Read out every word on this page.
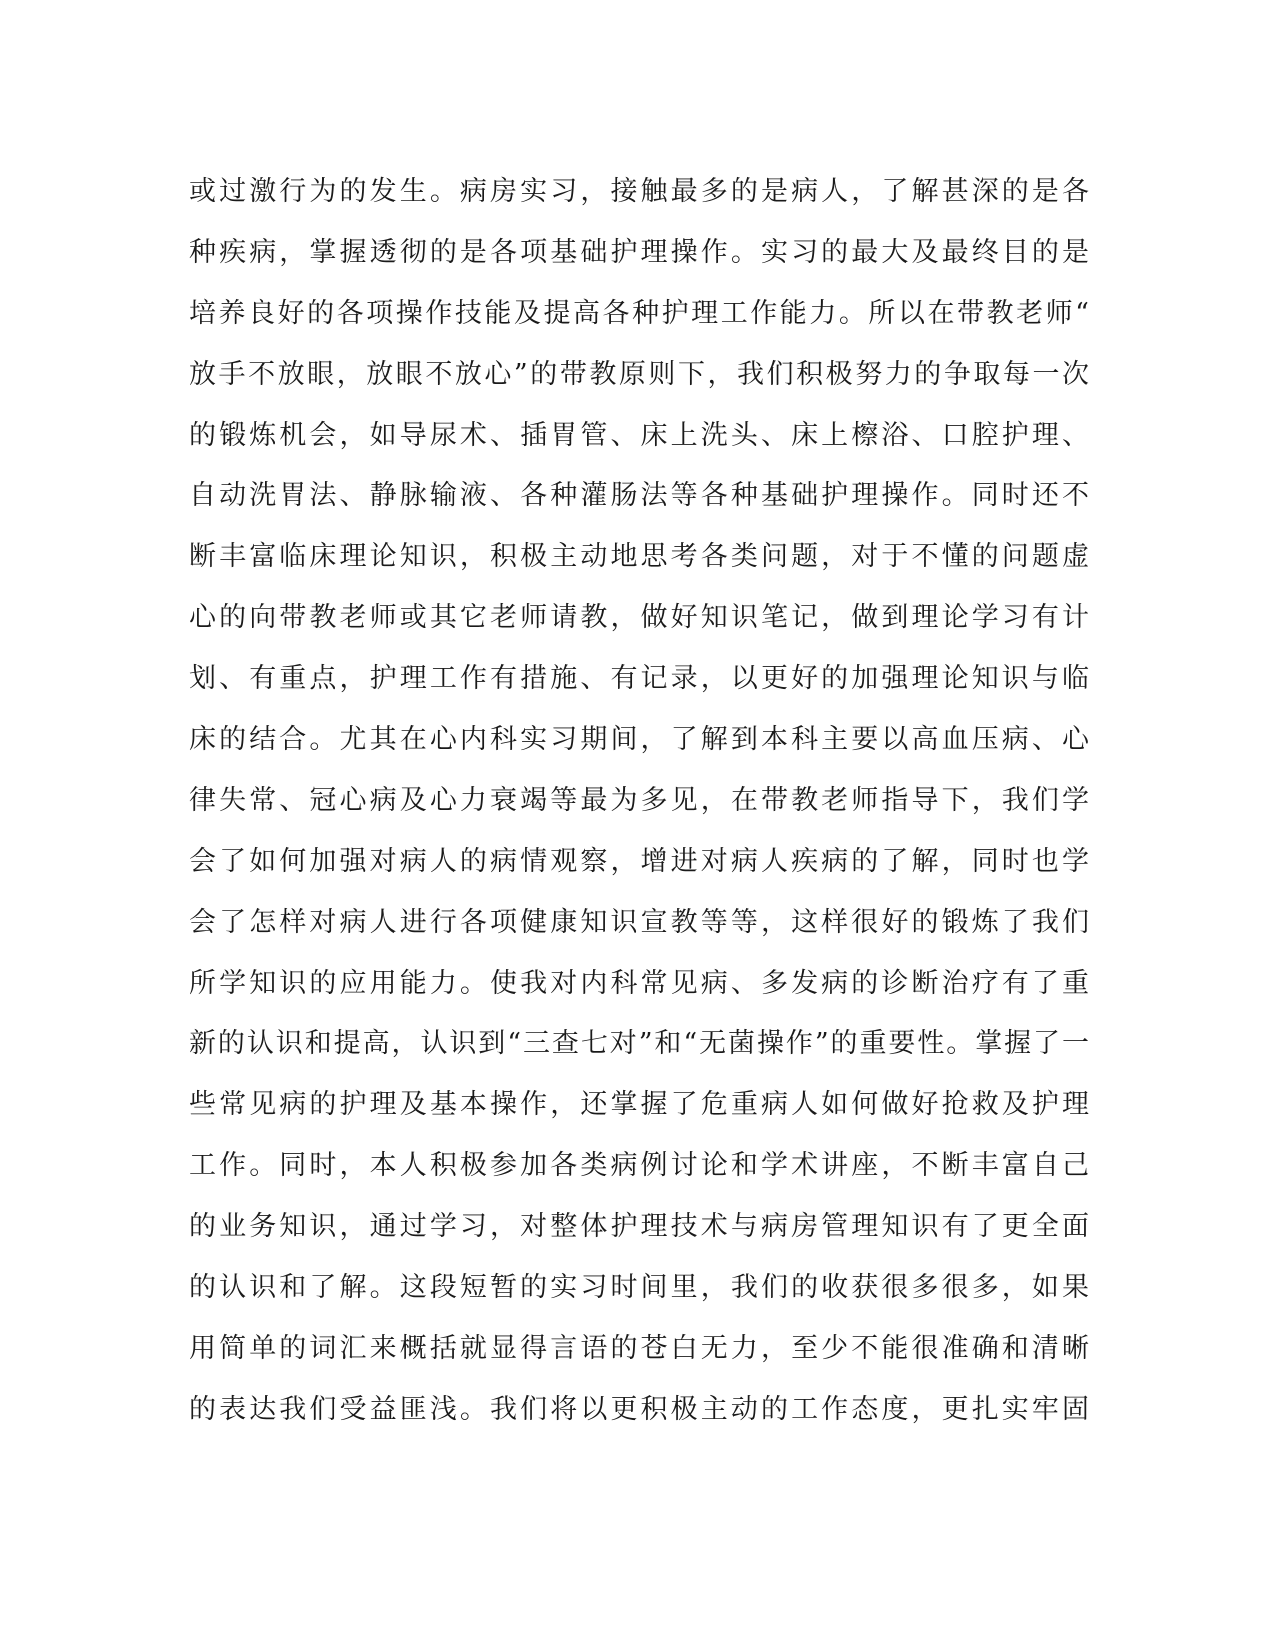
或过激行为的发生。病房实习，接触最多的是病人，了解甚深的是各
种疾病，掌握透彻的是各项基础护理操作。实习的最大及最终目的是
培养良好的各项操作技能及提高各种护理工作能力。所以在带教老师“
放手不放眼，放眼不放心”的带教原则下，我们积极努力的争取每一次
的锻炼机会，如导尿术、插胃管、床上洗头、床上檫浴、口腔护理、
自动洗胃法、静脉输液、各种灌肠法等各种基础护理操作。同时还不
断丰富临床理论知识，积极主动地思考各类问题，对于不懂的问题虚
心的向带教老师或其它老师请教，做好知识笔记，做到理论学习有计
划、有重点，护理工作有措施、有记录，以更好的加强理论知识与临
床的结合。尤其在心内科实习期间，了解到本科主要以高血压病、心
律失常、冠心病及心力衰竭等最为多见，在带教老师指导下，我们学
会了如何加强对病人的病情观察，增进对病人疾病的了解，同时也学
会了怎样对病人进行各项健康知识宣教等等，这样很好的锻炼了我们
所学知识的应用能力。使我对内科常见病、多发病的诊断治疗有了重
新的认识和提高，认识到“三查七对”和“无菌操作”的重要性。掌握了一
些常见病的护理及基本操作，还掌握了危重病人如何做好抢救及护理
工作。同时，本人积极参加各类病例讨论和学术讲座，不断丰富自己
的业务知识，通过学习，对整体护理技术与病房管理知识有了更全面
的认识和了解。这段短暂的实习时间里，我们的收获很多很多，如果
用简单的词汇来概括就显得言语的苍白无力，至少不能很准确和清晰
的表达我们受益匪浅。我们将以更积极主动的工作态度，更扎实牢固
